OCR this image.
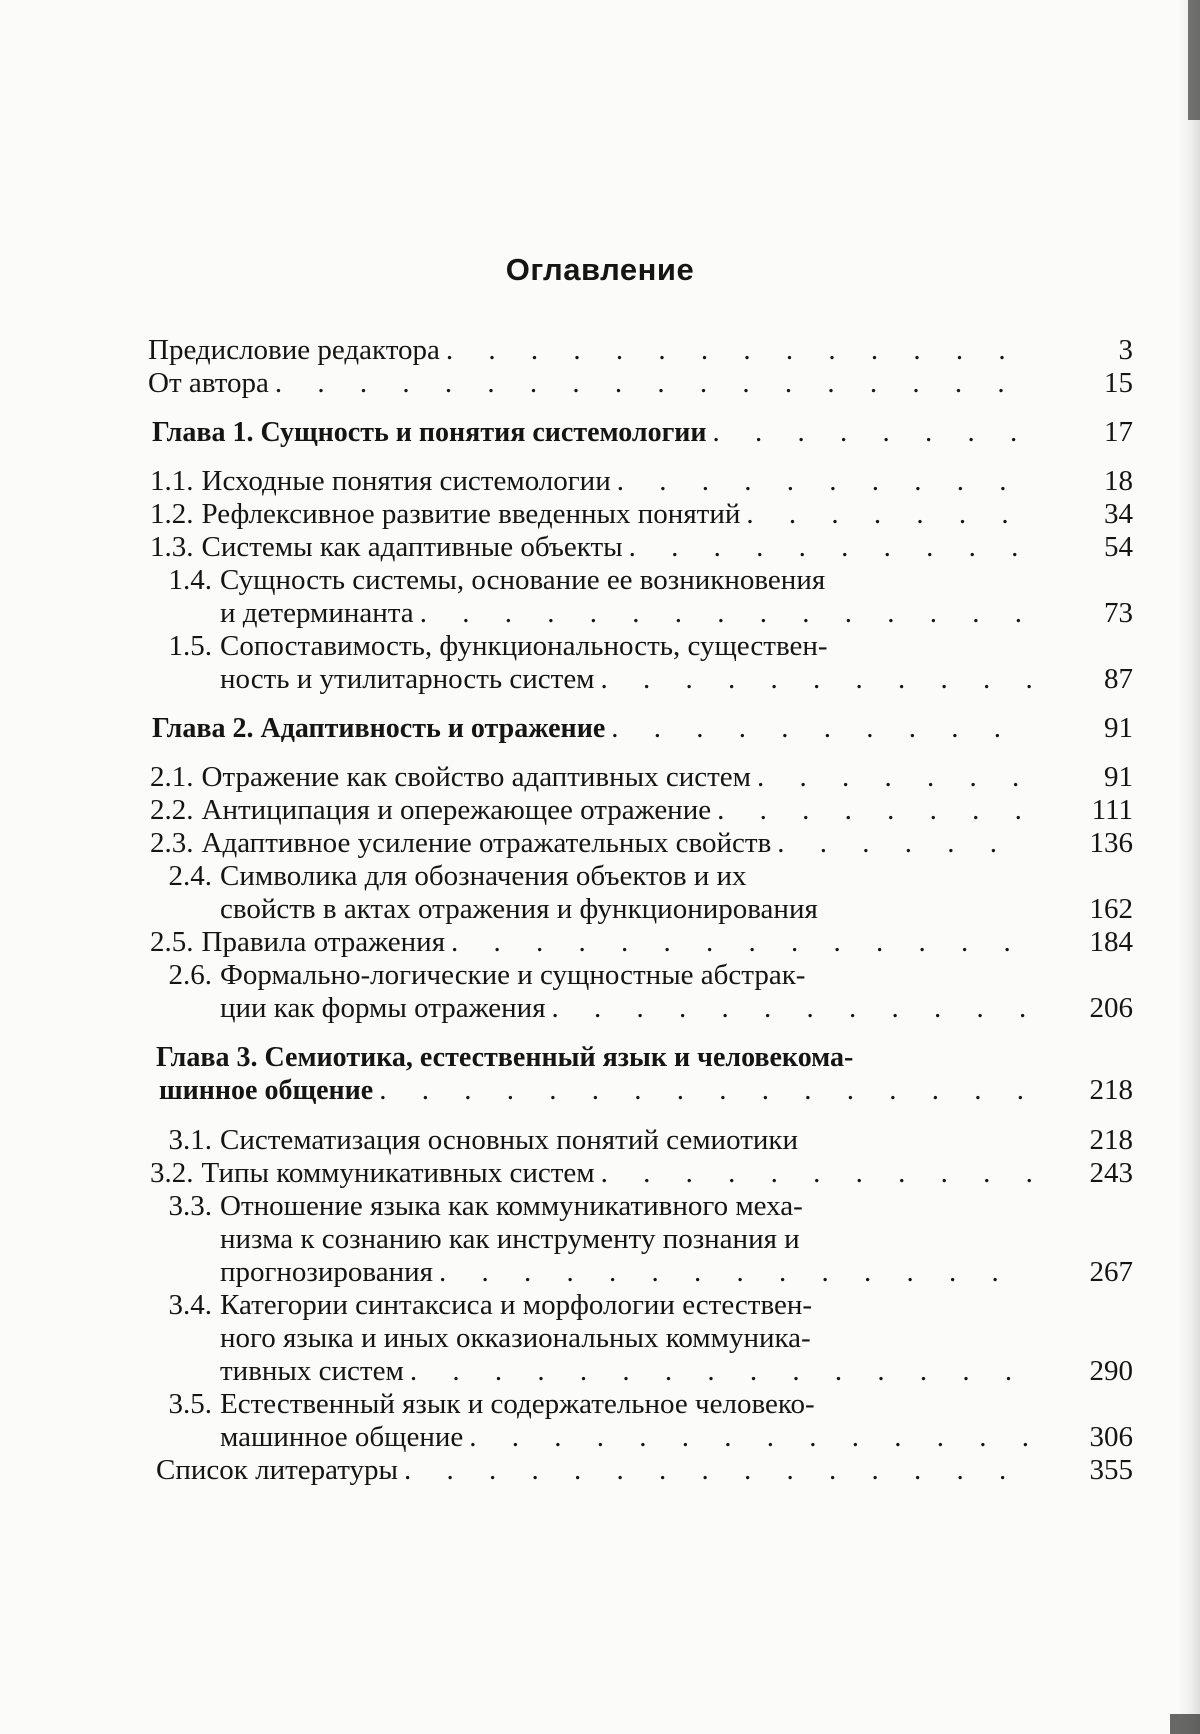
Оглавление
Предисловие редактора . . .	3
От автора . . .	15
Глава 1. Сущность и понятия системологии . . .	17
1.1. Исходные понятия системологии . . .	18
1.2. Рефлексивное развитие введенных понятий . . .	34
1.3. Системы как адаптивные объекты . . .	54
1.4. Сущность системы, основание ее возникновения
и детерминанта . . .	73
1.5. Сопоставимость, функциональность, существен-
ность и утилитарность систем . . .	87
Глава 2. Адаптивность и отражение . . .	91
2.1. Отражение как свойство адаптивных систем . . .	91
2.2. Антиципация и опережающее отражение . . .	111
2.3. Адаптивное усиление отражательных свойств . . .	136
2.4. Символика для обозначения объектов и их
свойств в актах отражения и функционирования	162
2.5. Правила отражения . . .	184
2.6. Формально-логические и сущностные абстрак-
ции как формы отражения . . .	206
Глава 3. Семиотика, естественный язык и человекома-
шинное общение . . .	218
3.1. Систематизация основных понятий семиотики	218
3.2. Типы коммуникативных систем . . .	243
3.3. Отношение языка как коммуникативного меха-
низма к сознанию как инструменту познания и
прогнозирования . . .	267
3.4. Категории синтаксиса и морфологии естествен-
ного языка и иных окказиональных коммуника-
тивных систем . . .	290
3.5. Естественный язык и содержательное человеко-
машинное общение . . .	306
Список литературы . . .	355
